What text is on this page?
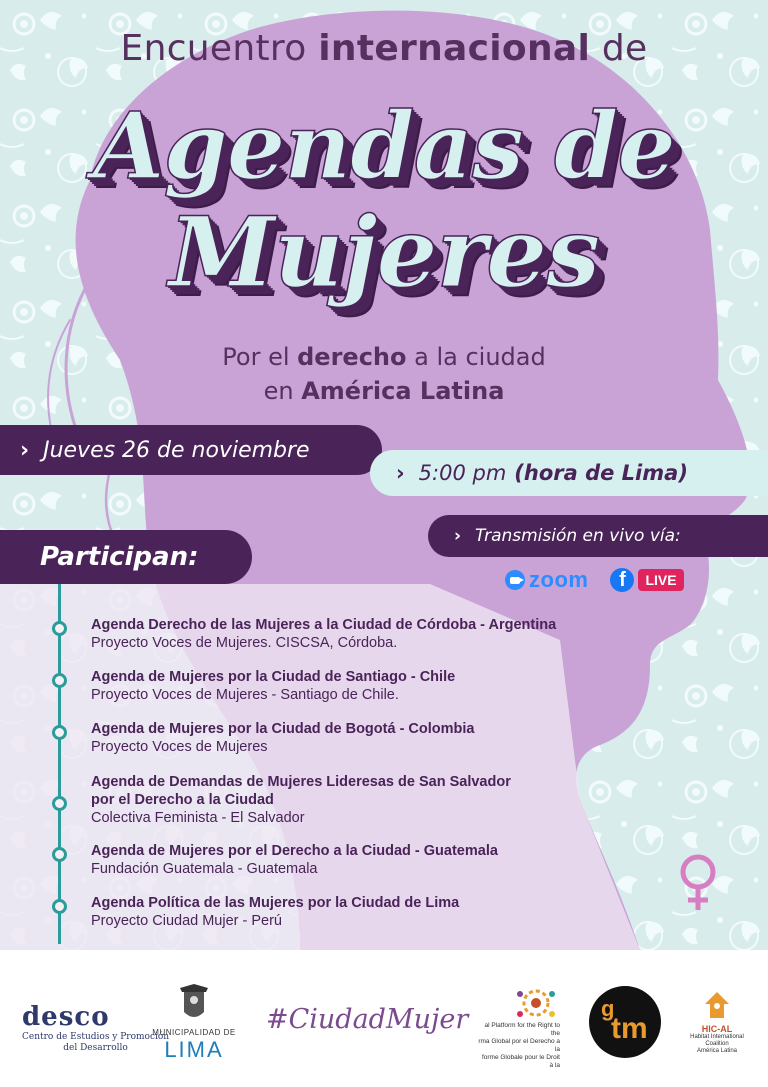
Encuentro internacional de
Agendas de
Mujeres
Por el derecho a la ciudad
en América Latina
› Jueves 26 de noviembre
› 5:00 pm (hora de Lima)
Participan:
› Transmisión en vivo vía:
zoom	f	LIVE
Agenda Derecho de las Mujeres a la Ciudad de Córdoba - Argentina
Proyecto Voces de Mujeres. CISCSA, Córdoba.
Agenda de Mujeres por la Ciudad de Santiago - Chile
Proyecto Voces de Mujeres - Santiago de Chile.
Agenda de Mujeres por la Ciudad de Bogotá - Colombia
Proyecto Voces de Mujeres
Agenda de Demandas de Mujeres Lideresas de San Salvador
por el Derecho a la Ciudad
Colectiva Feminista - El Salvador
Agenda de Mujeres por el Derecho a la Ciudad - Guatemala
Fundación Guatemala - Guatemala
Agenda Política de las Mujeres por la Ciudad de Lima
Proyecto Ciudad Mujer - Perú
desco
Centro de Estudios y Promoción
del Desarrollo
MUNICIPALIDAD DE
LIMA
#CiudadMujer	al Platform for the Right to the
rma Global por el Derecho a la
forme Globale pour le Droit à la
g
tm	HIC-AL
Habitat International Coalition
América Latina
